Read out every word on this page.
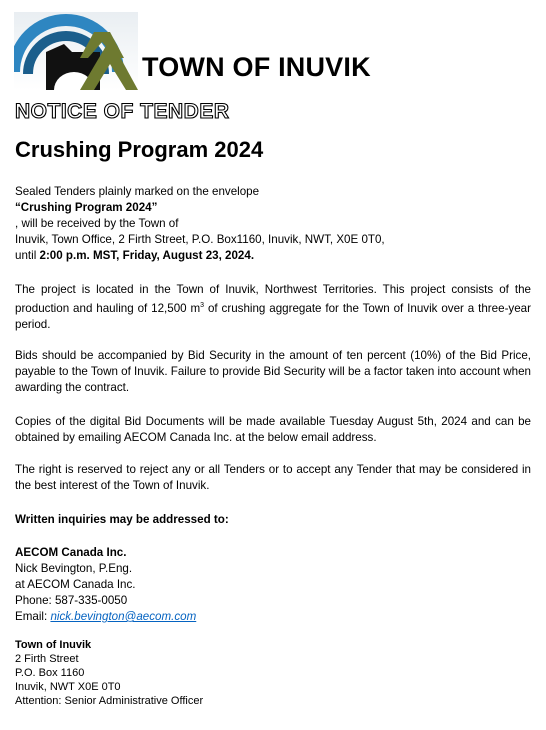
TOWN OF INUVIK
NOTICE OF TENDER
Crushing Program 2024
Sealed Tenders plainly marked on the envelope
“Crushing Program 2024”
, will be received by the Town of
Inuvik, Town Office, 2 Firth Street, P.O. Box1160, Inuvik, NWT, X0E 0T0,
until 2:00 p.m. MST, Friday, August 23, 2024.
The project is located in the Town of Inuvik, Northwest Territories. This project consists of the production and hauling of 12,500 $m^3$ of crushing aggregate for the Town of Inuvik over a three-year period.
Bids should be accompanied by Bid Security in the amount of ten percent (10%) of the Bid Price, payable to the Town of Inuvik. Failure to provide Bid Security will be a factor taken into account when awarding the contract.
Copies of the digital Bid Documents will be made available Tuesday August 5th, 2024 and can be obtained by emailing AECOM Canada Inc. at the below email address.
The right is reserved to reject any or all Tenders or to accept any Tender that may be considered in the best interest of the Town of Inuvik.
Written inquiries may be addressed to:
AECOM Canada Inc.
Nick Bevington, P.Eng.
at AECOM Canada Inc.
Phone: 587-335-0050
Email: nick.bevington@aecom.com
Town of Inuvik
2 Firth Street
P.O. Box 1160
Inuvik, NWT X0E 0T0
Attention: Senior Administrative Officer
